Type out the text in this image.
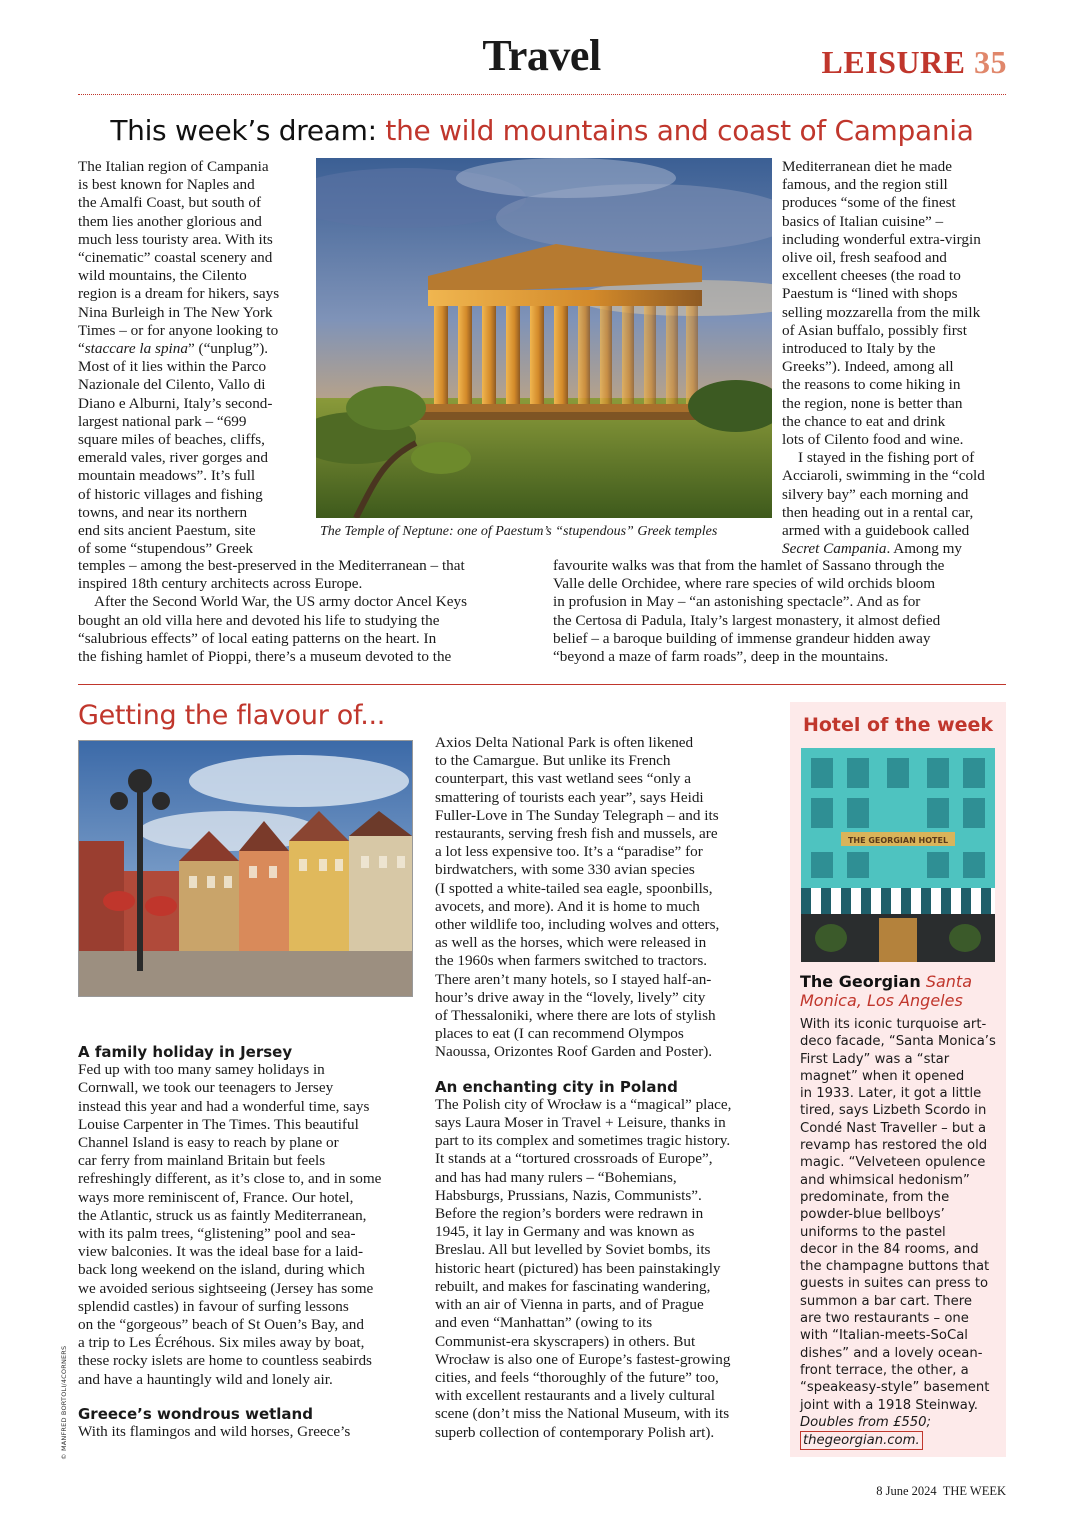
Travel	LEISURE 35
This week’s dream: the wild mountains and coast of Campania
The Italian region of Campania
is best known for Naples and
the Amalfi Coast, but south of
them lies another glorious and
much less touristy area. With its
“cinematic” coastal scenery and
wild mountains, the Cilento
region is a dream for hikers, says
Nina Burleigh in The New York
Times – or for anyone looking to
“staccare la spina” (“unplug”).
Most of it lies within the Parco
Nazionale del Cilento, Vallo di
Diano e Alburni, Italy’s second-
largest national park – “699
square miles of beaches, cliffs,
emerald vales, river gorges and
mountain meadows”. It’s full
of historic villages and fishing
towns, and near its northern
end sits ancient Paestum, site
of some “stupendous” Greek
The Temple of Neptune: one of Paestum’s “stupendous” Greek temples
Mediterranean diet he made
famous, and the region still
produces “some of the finest
basics of Italian cuisine” –
including wonderful extra-virgin
olive oil, fresh seafood and
excellent cheeses (the road to
Paestum is “lined with shops
selling mozzarella from the milk
of Asian buffalo, possibly first
introduced to Italy by the
Greeks”). Indeed, among all
the reasons to come hiking in
the region, none is better than
the chance to eat and drink
lots of Cilento food and wine.
I stayed in the fishing port of
Acciaroli, swimming in the “cold
silvery bay” each morning and
then heading out in a rental car,
armed with a guidebook called

Secret Campania. Among my

temples – among the best-preserved in the Mediterranean – that
inspired 18th century architects across Europe.
After the Second World War, the US army doctor Ancel Keys
bought an old villa here and devoted his life to studying the
“salubrious effects” of local eating patterns on the heart. In
the fishing hamlet of Pioppi, there’s a museum devoted to the
favourite walks was that from the hamlet of Sassano through the
Valle delle Orchidee, where rare species of wild orchids bloom
in profusion in May – “an astonishing spectacle”. And as for
the Certosa di Padula, Italy’s largest monastery, it almost defied
belief – a baroque building of immense grandeur hidden away
“beyond a maze of farm roads”, deep in the mountains.
Getting the flavour of...

A family holiday in Jersey

Fed up with too many samey holidays in
Cornwall, we took our teenagers to Jersey
instead this year and had a wonderful time, says
Louise Carpenter in The Times. This beautiful
Channel Island is easy to reach by plane or
car ferry from mainland Britain but feels
refreshingly different, as it’s close to, and in some
ways more reminiscent of, France. Our hotel,
the Atlantic, struck us as faintly Mediterranean,
with its palm trees, “glistening” pool and sea-
view balconies. It was the ideal base for a laid-
back long weekend on the island, during which
we avoided serious sightseeing (Jersey has some
splendid castles) in favour of surfing lessons
on the “gorgeous” beach of St Ouen’s Bay, and
a trip to Les Écréhous. Six miles away by boat,
these rocky islets are home to countless seabirds
and have a hauntingly wild and lonely air.

Greece’s wondrous wetland

With its flamingos and wild horses, Greece’s
Axios Delta National Park is often likened
to the Camargue. But unlike its French
counterpart, this vast wetland sees “only a
smattering of tourists each year”, says Heidi
Fuller-Love in The Sunday Telegraph – and its
restaurants, serving fresh fish and mussels, are
a lot less expensive too. It’s a “paradise” for
birdwatchers, with some 330 avian species
(I spotted a white-tailed sea eagle, spoonbills,
avocets, and more). And it is home to much
other wildlife too, including wolves and otters,
as well as the horses, which were released in
the 1960s when farmers switched to tractors.
There aren’t many hotels, so I stayed half-an-
hour’s drive away in the “lovely, lively” city
of Thessaloniki, where there are lots of stylish
places to eat (I can recommend Olympos
Naoussa, Orizontes Roof Garden and Poster).

An enchanting city in Poland

The Polish city of Wrocław is a “magical” place,
says Laura Moser in Travel + Leisure, thanks in
part to its complex and sometimes tragic history.
It stands at a “tortured crossroads of Europe”,
and has had many rulers – “Bohemians,
Habsburgs, Prussians, Nazis, Communists”.
Before the region’s borders were redrawn in
1945, it lay in Germany and was known as
Breslau. All but levelled by Soviet bombs, its
historic heart (pictured) has been painstakingly
rebuilt, and makes for fascinating wandering,
with an air of Vienna in parts, and of Prague
and even “Manhattan” (owing to its
Communist-era skyscrapers) in others. But
Wrocław is also one of Europe’s fastest-growing
cities, and feels “thoroughly of the future” too,
with excellent restaurants and a lively cultural
scene (don’t miss the National Museum, with its
superb collection of contemporary Polish art).
Hotel of the week
THE GEORGIAN HOTEL
The Georgian Santa
Monica, Los Angeles
With its iconic turquoise art-
deco facade, “Santa Monica’s
First Lady” was a “star
magnet” when it opened
in 1933. Later, it got a little
tired, says Lizbeth Scordo in
Condé Nast Traveller – but a
revamp has restored the old
magic. “Velveteen opulence
and whimsical hedonism”
predominate, from the
powder-blue bellboys’
uniforms to the pastel
decor in the 84 rooms, and
the champagne buttons that
guests in suites can press to
summon a bar cart. There
are two restaurants – one
with “Italian-meets-SoCal
dishes” and a lovely ocean-
front terrace, the other, a
“speakeasy-style” basement
joint with a 1918 Steinway.
Doubles from £550;
thegeorgian.com.
© MANFRED BORTOLI/4CORNERS
8 June 2024 THE WEEK
